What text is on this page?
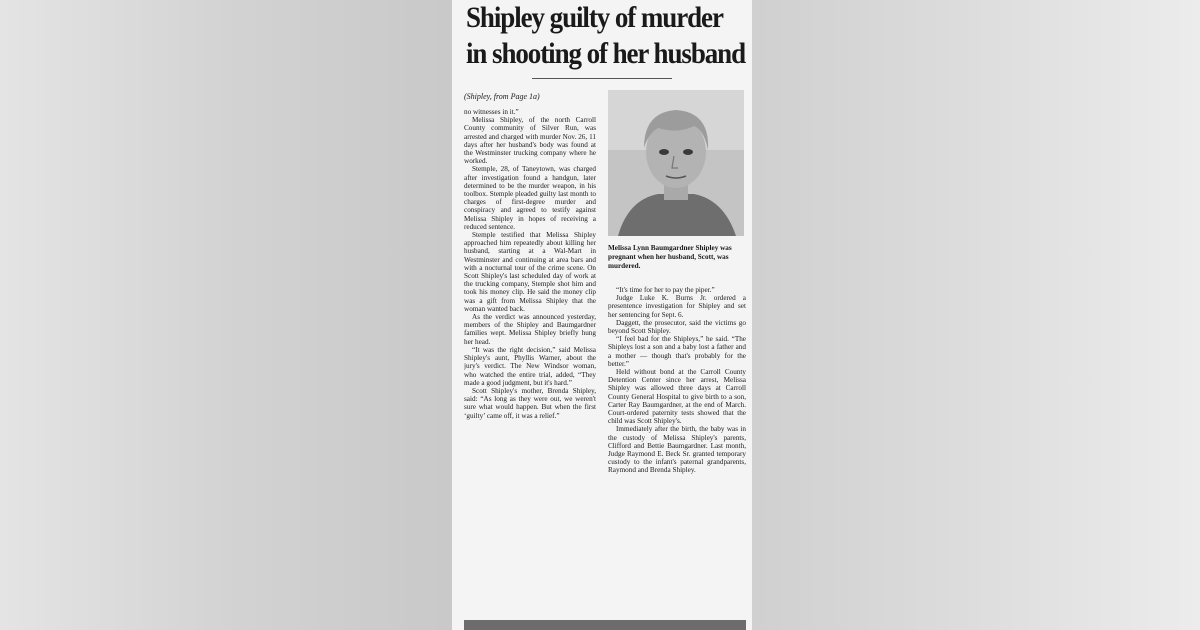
Shipley guilty of murder
in shooting of her husband
(Shipley, from Page 1a)

no witnesses in it.”

Melissa Shipley, of the north Carroll County community of Silver Run, was arrested and charged with murder Nov. 26, 11 days after her husband's body was found at the Westminster trucking company where he worked.

Stemple, 28, of Taneytown, was charged after investigation found a handgun, later determined to be the murder weapon, in his toolbox. Stemple pleaded guilty last month to charges of first-degree murder and conspiracy and agreed to testify against Melissa Shipley in hopes of receiving a reduced sentence.

Stemple testified that Melissa Shipley approached him repeatedly about killing her husband, starting at a Wal-Mart in Westminster and continuing at area bars and with a nocturnal tour of the crime scene. On Scott Shipley's last scheduled day of work at the trucking company, Stemple shot him and took his money clip. He said the money clip was a gift from Melissa Shipley that the woman wanted back.

As the verdict was announced yesterday, members of the Shipley and Baumgardner families wept. Melissa Shipley briefly hung her head.

“It was the right decision,” said Melissa Shipley's aunt, Phyllis Warner, about the jury's verdict. The New Windsor woman, who watched the entire trial, added, “They made a good judgment, but it's hard.”

Scott Shipley's mother, Brenda Shipley, said: “As long as they were out, we weren't sure what would happen. But when the first ‘guilty’ came off, it was a relief.”

Melissa Lynn Baumgardner Shipley was pregnant when her husband, Scott, was murdered.

“It's time for her to pay the piper.”

Judge Luke K. Burns Jr. ordered a presentence investigation for Shipley and set her sentencing for Sept. 6.

Daggett, the prosecutor, said the victims go beyond Scott Shipley.

“I feel bad for the Shipleys,” he said. “The Shipleys lost a son and a baby lost a father and a mother — though that's probably for the better.”

Held without bond at the Carroll County Detention Center since her arrest, Melissa Shipley was allowed three days at Carroll County General Hospital to give birth to a son, Carter Ray Baumgardner, at the end of March. Court-ordered paternity tests showed that the child was Scott Shipley's.

Immediately after the birth, the baby was in the custody of Melissa Shipley's parents, Clifford and Bettie Baumgardner. Last month, Judge Raymond E. Beck Sr. granted temporary custody to the infant's paternal grandparents, Raymond and Brenda Shipley.
